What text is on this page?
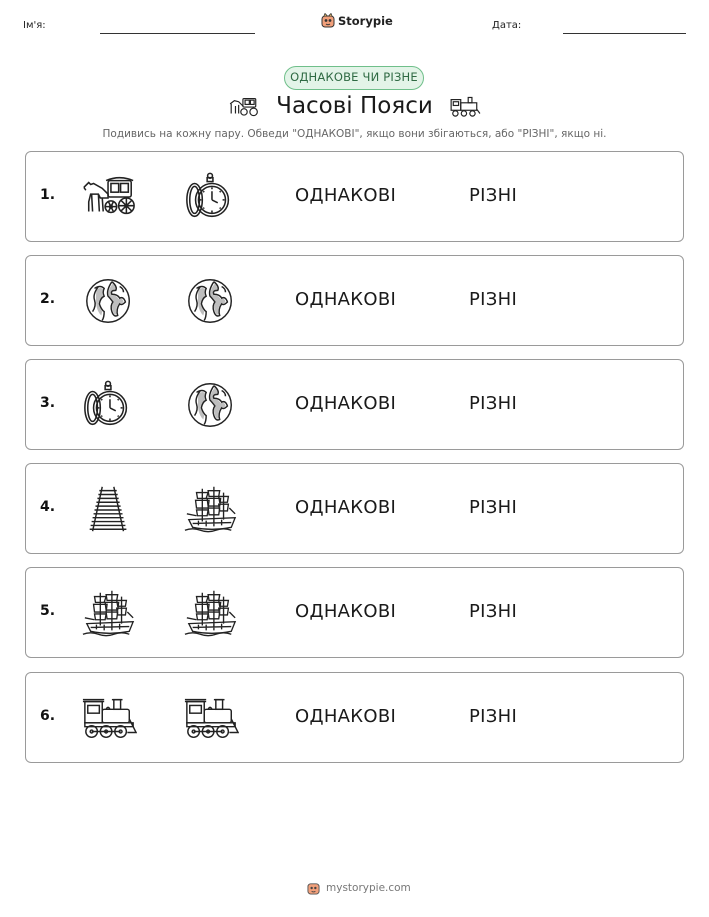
Ім'я:	Storypie	Дата:
ОДНАКОВЕ ЧИ РІЗНЕ
Часові Пояси
Подивись на кожну пару. Обведи "ОДНАКОВІ", якщо вони збігаються, або "РІЗНІ", якщо ні.
1.	ОДНАКОВІ	РІЗНІ
2.	ОДНАКОВІ	РІЗНІ
3.	ОДНАКОВІ	РІЗНІ
4.	ОДНАКОВІ	РІЗНІ
5.	ОДНАКОВІ	РІЗНІ
6.	ОДНАКОВІ	РІЗНІ
mystorypie.com
